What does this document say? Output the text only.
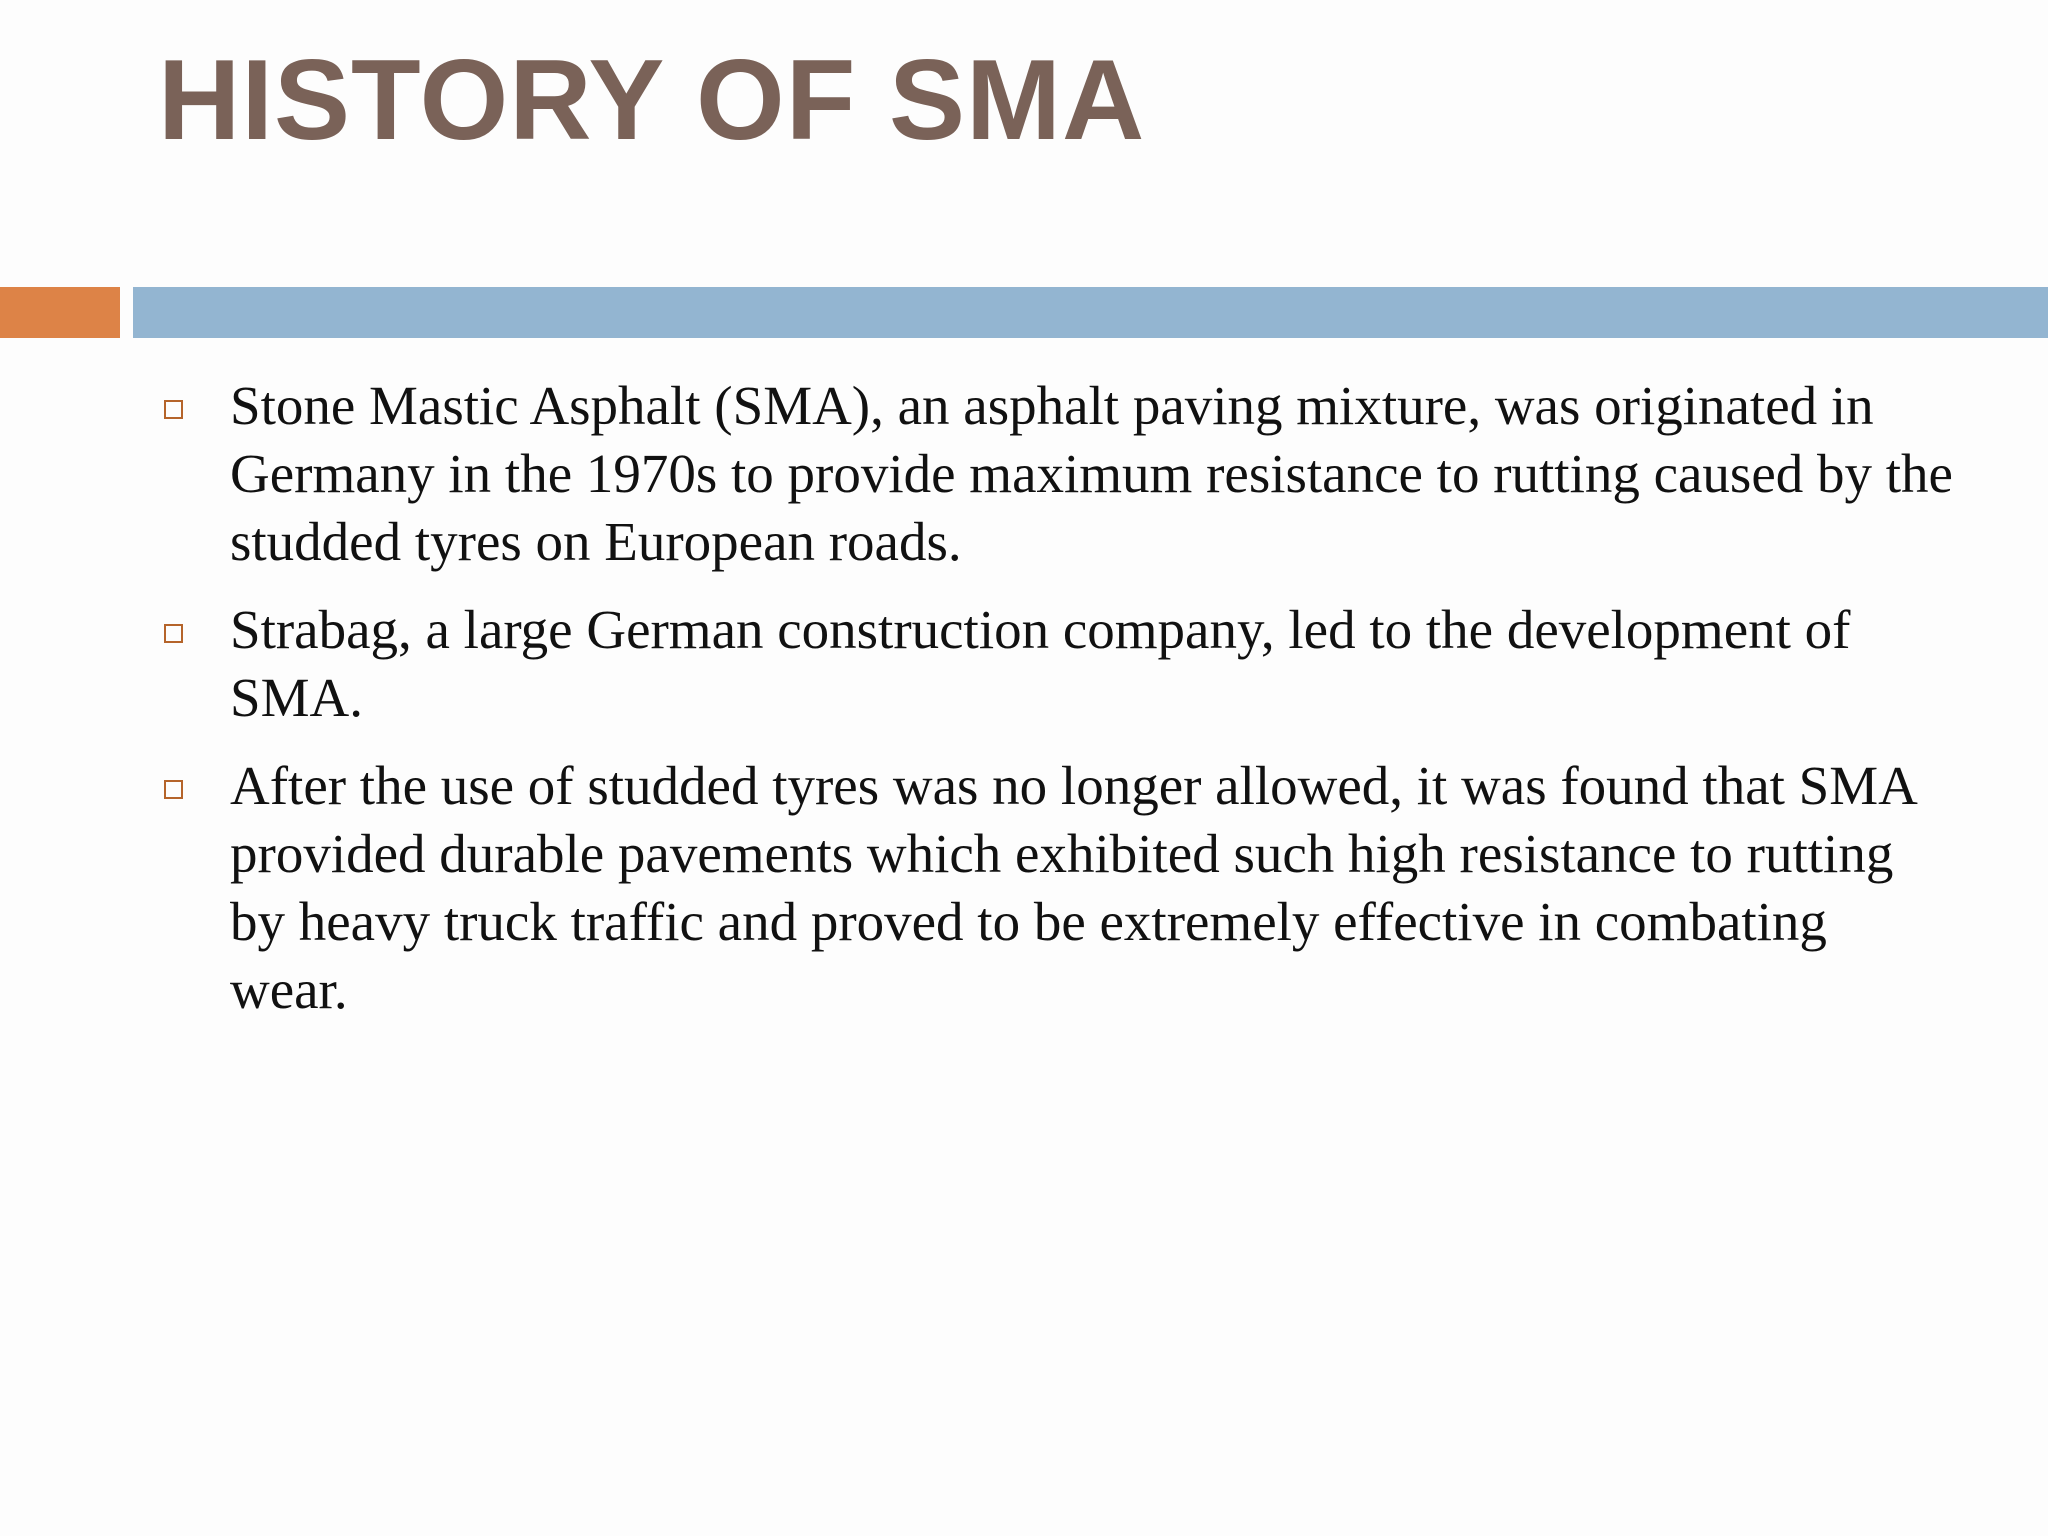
HISTORY OF SMA
Stone Mastic Asphalt (SMA), an asphalt paving mixture, was originated in Germany in the 1970s to provide maximum resistance to rutting caused by the studded tyres on European roads.
Strabag, a large German construction company, led to the development of SMA.
After the use of studded tyres was no longer allowed, it was found that SMA provided durable pavements which exhibited such high resistance to rutting by heavy truck traffic and proved to be extremely effective in combating wear.
